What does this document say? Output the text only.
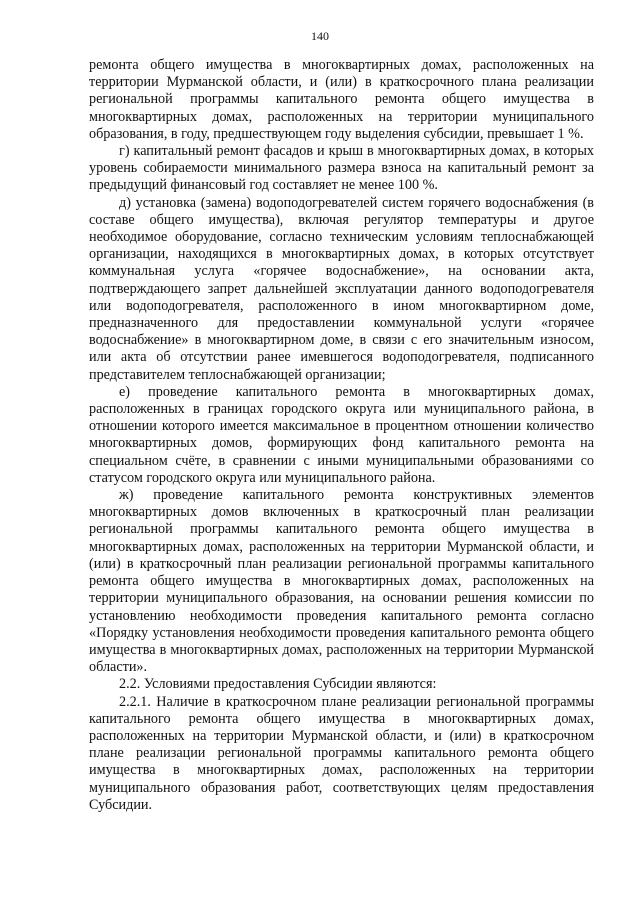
140

ремонта общего имущества в многоквартирных домах, расположенных на территории Мурманской области, и (или) в краткосрочного плана реализации региональной программы капитального ремонта общего имущества в многоквартирных домах, расположенных на территории муниципального образования, в году, предшествующем году выделения субсидии, превышает 1 %.

г) капитальный ремонт фасадов и крыш в многоквартирных домах, в которых уровень собираемости минимального размера взноса на капитальный ремонт за предыдущий финансовый год составляет не менее 100 %.

д) установка (замена) водоподогревателей систем горячего водоснабжения (в составе общего имущества), включая регулятор температуры и другое необходимое оборудование, согласно техническим условиям теплоснабжающей организации, находящихся в многоквартирных домах, в которых отсутствует коммунальная услуга «горячее водоснабжение», на основании акта, подтверждающего запрет дальнейшей эксплуатации данного водоподогревателя или водоподогревателя, расположенного в ином многоквартирном доме, предназначенного для предоставлении коммунальной услуги «горячее водоснабжение» в многоквартирном доме, в связи с его значительным износом, или акта об отсутствии ранее имевшегося водоподогревателя, подписанного представителем теплоснабжающей организации;

е) проведение капитального ремонта в многоквартирных домах, расположенных в границах городского округа или муниципального района, в отношении которого имеется максимальное в процентном отношении количество многоквартирных домов, формирующих фонд капитального ремонта на специальном счёте, в сравнении с иными муниципальными образованиями со статусом городского округа или муниципального района.

ж) проведение капитального ремонта конструктивных элементов многоквартирных домов включенных в краткосрочный план реализации региональной программы капитального ремонта общего имущества в многоквартирных домах, расположенных на территории Мурманской области, и (или) в краткосрочный план реализации региональной программы капитального ремонта общего имущества в многоквартирных домах, расположенных на территории муниципального образования, на основании решения комиссии по установлению необходимости проведения капитального ремонта согласно «Порядку установления необходимости проведения капитального ремонта общего имущества в многоквартирных домах, расположенных на территории Мурманской области».

2.2. Условиями предоставления Субсидии являются:

2.2.1. Наличие в краткосрочном плане реализации региональной программы капитального ремонта общего имущества в многоквартирных домах, расположенных на территории Мурманской области, и (или) в краткосрочном плане реализации региональной программы капитального ремонта общего имущества в многоквартирных домах, расположенных на территории муниципального образования работ, соответствующих целям предоставления Субсидии.
